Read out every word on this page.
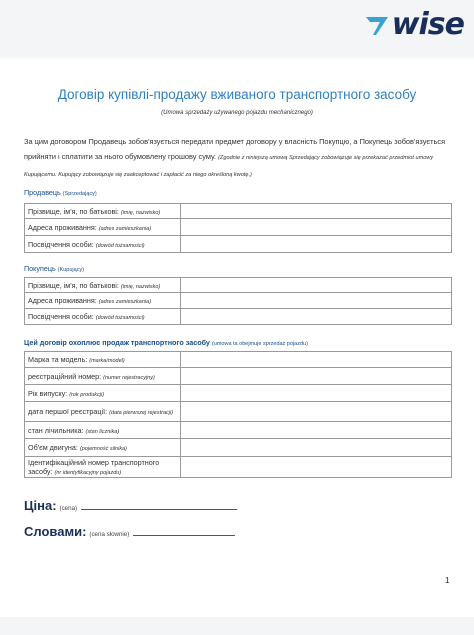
wise
Договір купівлі-продажу вживаного транспортного засобу
(Umowa sprzedaży używanego pojazdu mechanicznego)
За цим договором Продавець зобов'язується передати предмет договору у власність Покупцю, а Покупець зобов'язується прийняти і сплатити за нього обумовлену грошову суму. (Zgodnie z niniejszą umową Sprzedający zobowiązuje się przekazać przedmiot umowy Kupującemu. Kupujący zobowiązuje się zaakceptować i zapłacić za niego określoną kwotę.)
Продавець (Sprzedający)
Прізвище, ім'я, по батькові: (imię, nazwisko)	
Адреса проживання: (adres zamieszkania)	
Посвідчення особи: (dowód tożsamości)	
Покупець (Kupujący)
Прізвище, ім'я, по батькові: (imię, nazwisko)	
Адреса проживання: (adres zamieszkania)	
Посвідчення особи: (dowód tożsamości)	
Цей договір охоплює продаж транспортного засобу (umowa ta obejmuje sprzedaż pojazdu)
Марка та модель: (marka/model)	
реєстраційний номер: (numer rejestracyjny)	
Рік випуску: (rok produkcji)	
дата першої реєстрації: (data pierwszej rejestracji)	
стан лічильника: (stan licznika)	
Об'єм двигуна: (pojemność silnika)	
Ідентифікаційний номер транспортного засобу: (nr identyfikacyjny pojazdu)	
Ціна: (cena)
Словами: (cena słownie)
1
